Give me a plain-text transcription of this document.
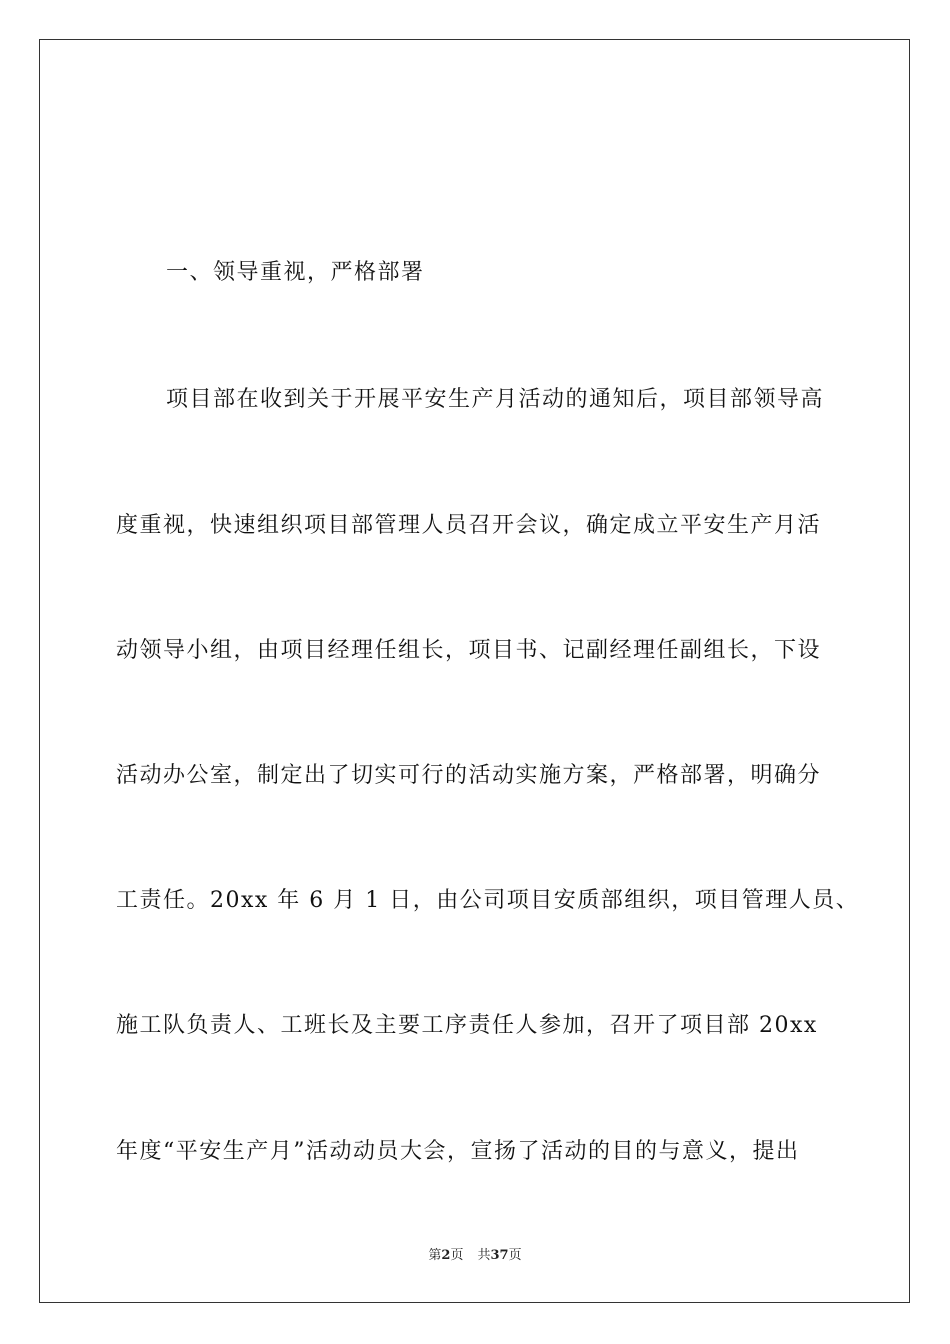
一、领导重视，严格部署
项目部在收到关于开展平安生产月活动的通知后，项目部领导高
度重视，快速组织项目部管理人员召开会议，确定成立平安生产月活
动领导小组，由项目经理任组长，项目书、记副经理任副组长，下设
活动办公室，制定出了切实可行的活动实施方案，严格部署，明确分
工责任。20xx 年 6 月 1 日，由公司项目安质部组织，项目管理人员、
施工队负责人、工班长及主要工序责任人参加，召开了项目部 20xx
年度“平安生产月”活动动员大会，宣扬了活动的目的与意义，提出
第2页 共37页
